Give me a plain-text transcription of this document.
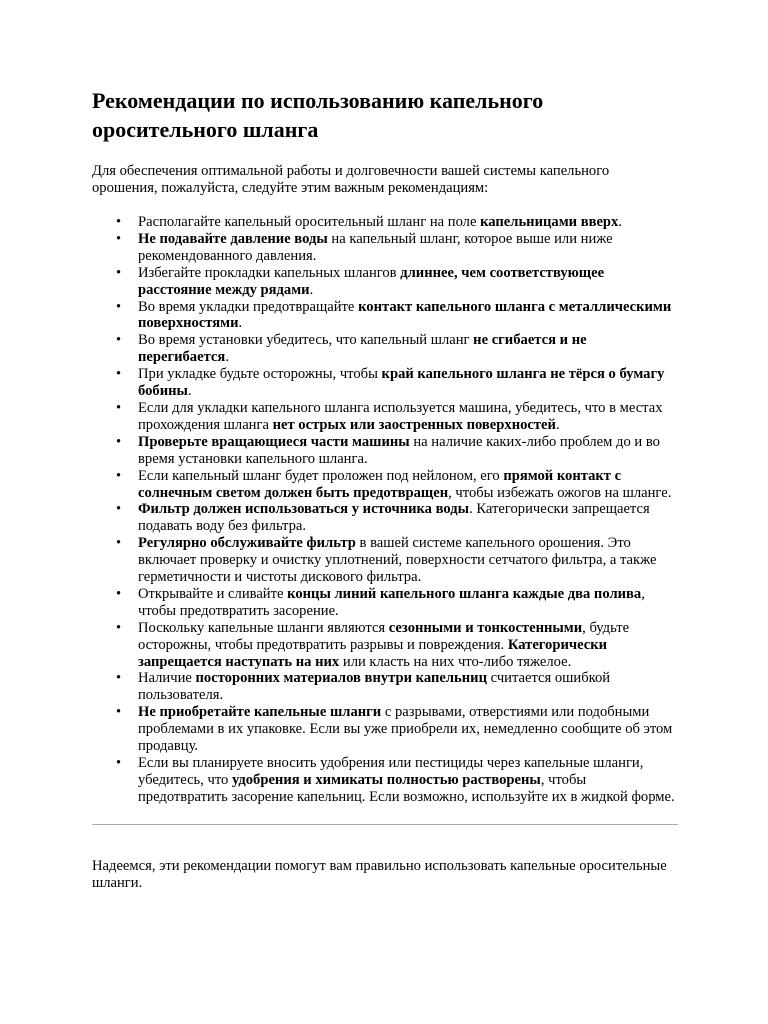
Рекомендации по использованию капельного оросительного шланга

Для обеспечения оптимальной работы и долговечности вашей системы капельного орошения, пожалуйста, следуйте этим важным рекомендациям:

• Располагайте капельный оросительный шланг на поле капельницами вверх.
• Не подавайте давление воды на капельный шланг, которое выше или ниже рекомендованного давления.
• Избегайте прокладки капельных шлангов длиннее, чем соответствующее расстояние между рядами.
• Во время укладки предотвращайте контакт капельного шланга с металлическими поверхностями.
• Во время установки убедитесь, что капельный шланг не сгибается и не перегибается.
• При укладке будьте осторожны, чтобы край капельного шланга не тёрся о бумагу бобины.
• Если для укладки капельного шланга используется машина, убедитесь, что в местах прохождения шланга нет острых или заостренных поверхностей.
• Проверьте вращающиеся части машины на наличие каких-либо проблем до и во время установки капельного шланга.
• Если капельный шланг будет проложен под нейлоном, его прямой контакт с солнечным светом должен быть предотвращен, чтобы избежать ожогов на шланге.
• Фильтр должен использоваться у источника воды. Категорически запрещается подавать воду без фильтра.
• Регулярно обслуживайте фильтр в вашей системе капельного орошения. Это включает проверку и очистку уплотнений, поверхности сетчатого фильтра, а также герметичности и чистоты дискового фильтра.
• Открывайте и сливайте концы линий капельного шланга каждые два полива, чтобы предотвратить засорение.
• Поскольку капельные шланги являются сезонными и тонкостенными, будьте осторожны, чтобы предотвратить разрывы и повреждения. Категорически запрещается наступать на них или класть на них что-либо тяжелое.
• Наличие посторонних материалов внутри капельниц считается ошибкой пользователя.
• Не приобретайте капельные шланги с разрывами, отверстиями или подобными проблемами в их упаковке. Если вы уже приобрели их, немедленно сообщите об этом продавцу.
• Если вы планируете вносить удобрения или пестициды через капельные шланги, убедитесь, что удобрения и химикаты полностью растворены, чтобы предотвратить засорение капельниц. Если возможно, используйте их в жидкой форме.

Надеемся, эти рекомендации помогут вам правильно использовать капельные оросительные шланги.
